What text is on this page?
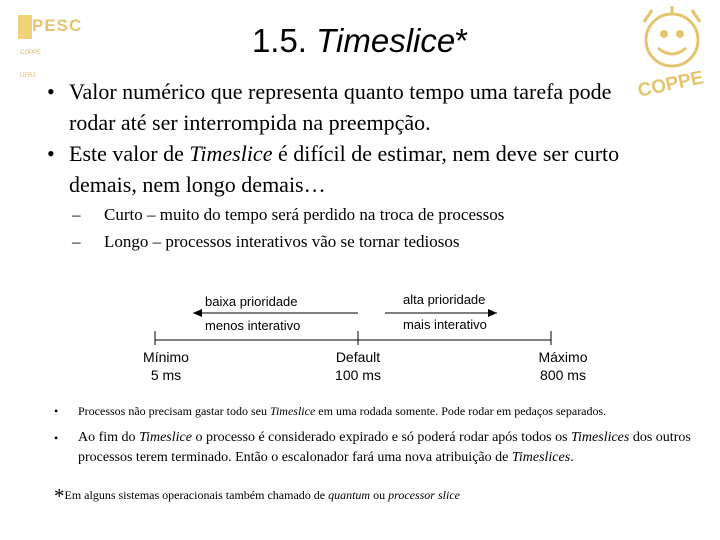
PESC
COPPE
UFRJ	COPPE
1.5. Timeslice*
• Valor numérico que representa quanto tempo uma tarefa pode rodar até ser interrompida na preempção.
• Este valor de Timeslice é difícil de estimar, nem deve ser curto demais, nem longo demais…
– Curto – muito do tempo será perdido na troca de processos
– Longo – processos interativos vão se tornar tediosos
baixa prioridade
menos interativo
alta prioridade
mais interativo
Mínimo
5 ms
Default
100 ms
Máximo
800 ms
• Processos não precisam gastar todo seu Timeslice em uma rodada somente. Pode rodar em pedaços separados.
• Ao fim do Timeslice o processo é considerado expirado e só poderá rodar após todos os Timeslices dos outros processos terem terminado. Então o escalonador fará uma nova atribuição de Timeslices.
*Em alguns sistemas operacionais também chamado de quantum ou processor slice
